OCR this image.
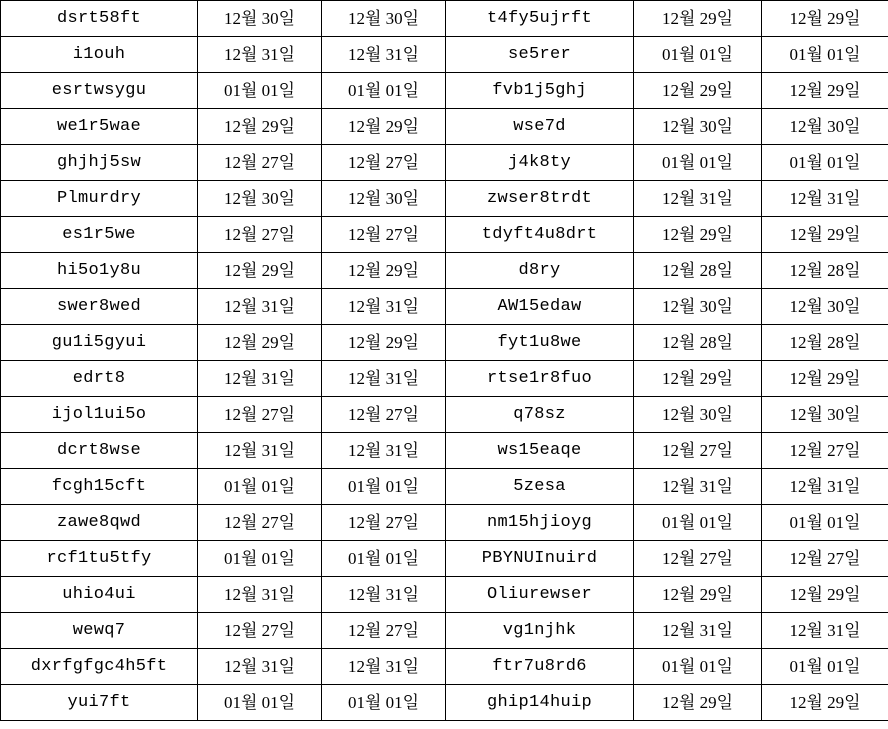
dsrt58ft	12월 30일	12월 30일	t4fy5ujrft	12월 29일	12월 29일
i1ouh	12월 31일	12월 31일	se5rer	01월 01일	01월 01일
esrtwsygu	01월 01일	01월 01일	fvb1j5ghj	12월 29일	12월 29일
we1r5wae	12월 29일	12월 29일	wse7d	12월 30일	12월 30일
ghjhj5sw	12월 27일	12월 27일	j4k8ty	01월 01일	01월 01일
Plmurdry	12월 30일	12월 30일	zwser8trdt	12월 31일	12월 31일
es1r5we	12월 27일	12월 27일	tdyft4u8drt	12월 29일	12월 29일
hi5o1y8u	12월 29일	12월 29일	d8ry	12월 28일	12월 28일
swer8wed	12월 31일	12월 31일	AW15edaw	12월 30일	12월 30일
gu1i5gyui	12월 29일	12월 29일	fyt1u8we	12월 28일	12월 28일
edrt8	12월 31일	12월 31일	rtse1r8fuo	12월 29일	12월 29일
ijol1ui5o	12월 27일	12월 27일	q78sz	12월 30일	12월 30일
dcrt8wse	12월 31일	12월 31일	ws15eaqe	12월 27일	12월 27일
fcgh15cft	01월 01일	01월 01일	5zesa	12월 31일	12월 31일
zawe8qwd	12월 27일	12월 27일	nm15hjioyg	01월 01일	01월 01일
rcf1tu5tfy	01월 01일	01월 01일	PBYNUInuird	12월 27일	12월 27일
uhio4ui	12월 31일	12월 31일	Oliurewser	12월 29일	12월 29일
wewq7	12월 27일	12월 27일	vg1njhk	12월 31일	12월 31일
dxrfgfgc4h5ft	12월 31일	12월 31일	ftr7u8rd6	01월 01일	01월 01일
yui7ft	01월 01일	01월 01일	ghip14huip	12월 29일	12월 29일
